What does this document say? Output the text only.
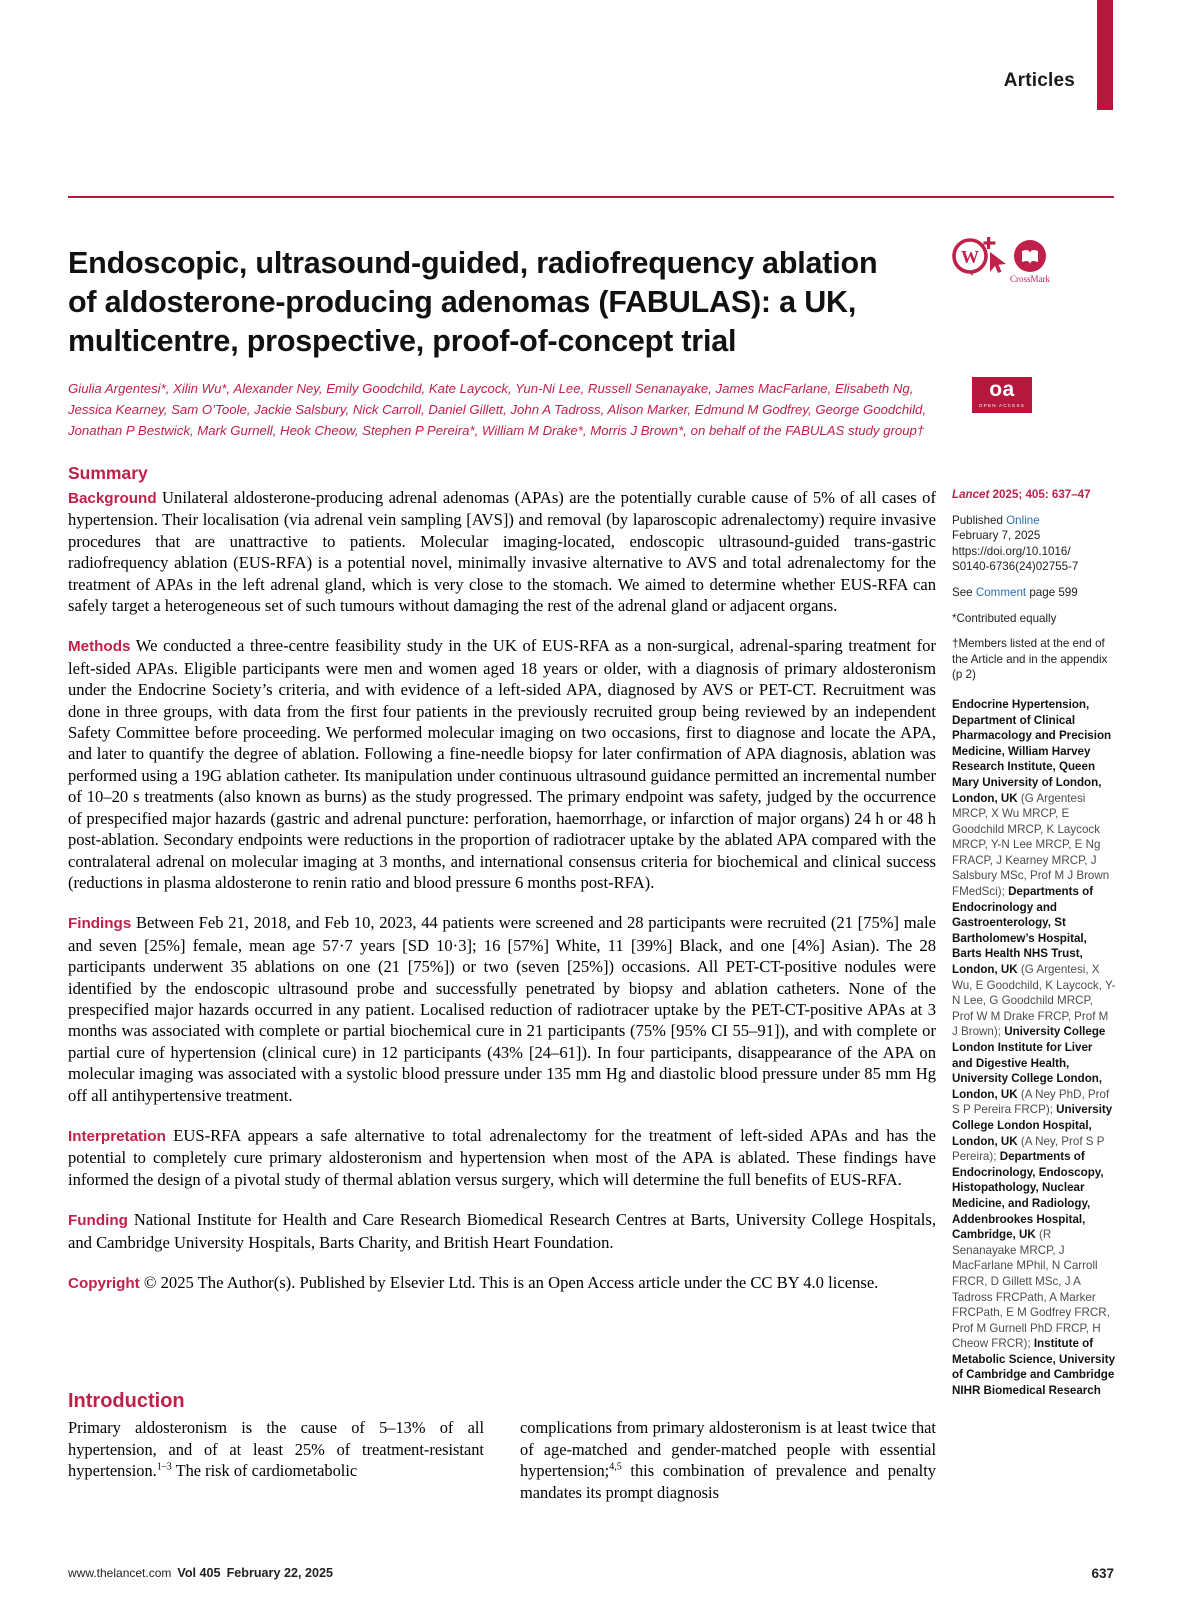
Articles
W
CrossMark
oa
OPEN ACCESS
Endoscopic, ultrasound-guided, radiofrequency ablation of aldosterone-producing adenomas (FABULAS): a UK, multicentre, prospective, proof-of-concept trial
Giulia Argentesi*, Xilin Wu*, Alexander Ney, Emily Goodchild, Kate Laycock, Yun-Ni Lee, Russell Senanayake, James MacFarlane, Elisabeth Ng, Jessica Kearney, Sam O’Toole, Jackie Salsbury, Nick Carroll, Daniel Gillett, John A Tadross, Alison Marker, Edmund M Godfrey, George Goodchild, Jonathan P Bestwick, Mark Gurnell, Heok Cheow, Stephen P Pereira*, William M Drake*, Morris J Brown*, on behalf of the FABULAS study group†
Summary

Background Unilateral aldosterone-producing adrenal adenomas (APAs) are the potentially curable cause of 5% of all cases of hypertension. Their localisation (via adrenal vein sampling [AVS]) and removal (by laparoscopic adrenalectomy) require invasive procedures that are unattractive to patients. Molecular imaging-located, endoscopic ultrasound-guided trans-gastric radiofrequency ablation (EUS-RFA) is a potential novel, minimally invasive alternative to AVS and total adrenalectomy for the treatment of APAs in the left adrenal gland, which is very close to the stomach. We aimed to determine whether EUS-RFA can safely target a heterogeneous set of such tumours without damaging the rest of the adrenal gland or adjacent organs.

Methods We conducted a three-centre feasibility study in the UK of EUS-RFA as a non-surgical, adrenal-sparing treatment for left-sided APAs. Eligible participants were men and women aged 18 years or older, with a diagnosis of primary aldosteronism under the Endocrine Society’s criteria, and with evidence of a left-sided APA, diagnosed by AVS or PET-CT. Recruitment was done in three groups, with data from the first four patients in the previously recruited group being reviewed by an independent Safety Committee before proceeding. We performed molecular imaging on two occasions, first to diagnose and locate the APA, and later to quantify the degree of ablation. Following a fine-needle biopsy for later confirmation of APA diagnosis, ablation was performed using a 19G ablation catheter. Its manipulation under continuous ultrasound guidance permitted an incremental number of 10–20 s treatments (also known as burns) as the study progressed. The primary endpoint was safety, judged by the occurrence of prespecified major hazards (gastric and adrenal puncture: perforation, haemorrhage, or infarction of major organs) 24 h or 48 h post-ablation. Secondary endpoints were reductions in the proportion of radiotracer uptake by the ablated APA compared with the contralateral adrenal on molecular imaging at 3 months, and international consensus criteria for biochemical and clinical success (reductions in plasma aldosterone to renin ratio and blood pressure 6 months post-RFA).

Findings Between Feb 21, 2018, and Feb 10, 2023, 44 patients were screened and 28 participants were recruited (21 [75%] male and seven [25%] female, mean age 57·7 years [SD 10·3]; 16 [57%] White, 11 [39%] Black, and one [4%] Asian). The 28 participants underwent 35 ablations on one (21 [75%]) or two (seven [25%]) occasions. All PET-CT-positive nodules were identified by the endoscopic ultrasound probe and successfully penetrated by biopsy and ablation catheters. None of the prespecified major hazards occurred in any patient. Localised reduction of radiotracer uptake by the PET-CT-positive APAs at 3 months was associated with complete or partial biochemical cure in 21 participants (75% [95% CI 55–91]), and with complete or partial cure of hypertension (clinical cure) in 12 participants (43% [24–61]). In four participants, disappearance of the APA on molecular imaging was associated with a systolic blood pressure under 135 mm Hg and diastolic blood pressure under 85 mm Hg off all antihypertensive treatment.

Interpretation EUS-RFA appears a safe alternative to total adrenalectomy for the treatment of left-sided APAs and has the potential to completely cure primary aldosteronism and hypertension when most of the APA is ablated. These findings have informed the design of a pivotal study of thermal ablation versus surgery, which will determine the full benefits of EUS-RFA.

Funding National Institute for Health and Care Research Biomedical Research Centres at Barts, University College Hospitals, and Cambridge University Hospitals, Barts Charity, and British Heart Foundation.

Copyright © 2025 The Author(s). Published by Elsevier Ltd. This is an Open Access article under the CC BY 4.0 license.

Introduction

Primary aldosteronism is the cause of 5–13% of all hypertension, and of at least 25% of treatment-resistant hypertension.$^{1-3}$ The risk of cardiometabolic

complications from primary aldosteronism is at least twice that of age-matched and gender-matched people with essential hypertension;$^{4,5}$ this combination of prevalence and penalty mandates its prompt diagnosis

Lancet 2025; 405: 637–47
Published Online
February 7, 2025
https://doi.org/10.1016/
S0140-6736(24)02755-7
See Comment page 599
*Contributed equally
†Members listed at the end of the Article and in the appendix (p 2)
Endocrine Hypertension, Department of Clinical Pharmacology and Precision Medicine, William Harvey Research Institute, Queen Mary University of London, London, UK (G Argentesi MRCP, X Wu MRCP, E Goodchild MRCP, K Laycock MRCP, Y-N Lee MRCP, E Ng FRACP, J Kearney MRCP, J Salsbury MSc, Prof M J Brown FMedSci); Departments of Endocrinology and Gastroenterology, St Bartholomew’s Hospital, Barts Health NHS Trust, London, UK (G Argentesi, X Wu, E Goodchild, K Laycock, Y-N Lee, G Goodchild MRCP, Prof W M Drake FRCP, Prof M J Brown); University College London Institute for Liver and Digestive Health, University College London, London, UK (A Ney PhD, Prof S P Pereira FRCP); University College London Hospital, London, UK (A Ney, Prof S P Pereira); Departments of Endocrinology, Endoscopy, Histopathology, Nuclear Medicine, and Radiology, Addenbrookes Hospital, Cambridge, UK (R Senanayake MRCP, J MacFarlane MPhil, N Carroll FRCR, D Gillett MSc, J A Tadross FRCPath, A Marker FRCPath, E M Godfrey FRCR, Prof M Gurnell PhD FRCP, H Cheow FRCR); Institute of Metabolic Science, University of Cambridge and Cambridge NIHR Biomedical Research
www.thelancet.com Vol 405 February 22, 2025	637
